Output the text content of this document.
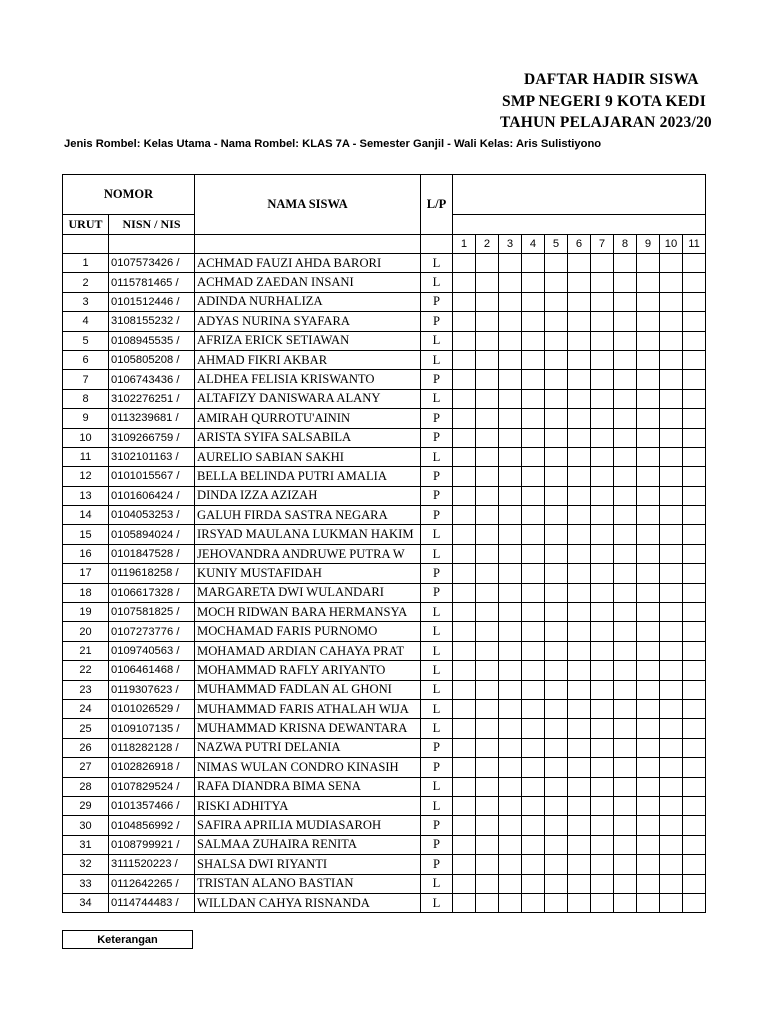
DAFTAR HADIR SISWA
SMP NEGERI 9 KOTA KEDI
TAHUN PELAJARAN 2023/20
Jenis Rombel: Kelas Utama - Nama Rombel: KLAS 7A - Semester Ganjil - Wali Kelas: Aris Sulistiyono
NOMOR		NAMA SISWA	L/P											
URUT	NISN / NIS													
				1	2	3	4	5	6	7	8	9	10	11
1	0107573426 /	ACHMAD FAUZI AHDA BARORI	L											
2	0115781465 /	ACHMAD ZAEDAN INSANI	L											
3	0101512446 /	ADINDA NURHALIZA	P											
4	3108155232 /	ADYAS NURINA SYAFARA	P											
5	0108945535 /	AFRIZA ERICK SETIAWAN	L											
6	0105805208 /	AHMAD FIKRI AKBAR	L											
7	0106743436 /	ALDHEA FELISIA KRISWANTO	P											
8	3102276251 /	ALTAFIZY DANISWARA ALANY	L											
9	0113239681 /	AMIRAH QURROTU'AININ	P											
10	3109266759 /	ARISTA SYIFA SALSABILA	P											
11	3102101163 /	AURELIO SABIAN SAKHI	L											
12	0101015567 /	BELLA BELINDA PUTRI AMALIA	P											
13	0101606424 /	DINDA IZZA AZIZAH	P											
14	0104053253 /	GALUH FIRDA SASTRA NEGARA	P											
15	0105894024 /	IRSYAD MAULANA LUKMAN HAKIM	L											
16	0101847528 /	JEHOVANDRA ANDRUWE PUTRA W	L											
17	0119618258 /	KUNIY MUSTAFIDAH	P											
18	0106617328 /	MARGARETA DWI WULANDARI	P											
19	0107581825 /	MOCH RIDWAN BARA HERMANSYA	L											
20	0107273776 /	MOCHAMAD FARIS PURNOMO	L											
21	0109740563 /	MOHAMAD ARDIAN CAHAYA PRAT	L											
22	0106461468 /	MOHAMMAD RAFLY ARIYANTO	L											
23	0119307623 /	MUHAMMAD FADLAN AL GHONI	L											
24	0101026529 /	MUHAMMAD FARIS ATHALAH WIJA	L											
25	0109107135 /	MUHAMMAD KRISNA DEWANTARA	L											
26	0118282128 /	NAZWA PUTRI DELANIA	P											
27	0102826918 /	NIMAS WULAN CONDRO KINASIH	P											
28	0107829524 /	RAFA DIANDRA BIMA SENA	L											
29	0101357466 /	RISKI ADHITYA	L											
30	0104856992 /	SAFIRA APRILIA MUDIASAROH	P											
31	0108799921 /	SALMAA ZUHAIRA RENITA	P											
32	3111520223 /	SHALSA DWI RIYANTI	P											
33	0112642265 /	TRISTAN ALANO BASTIAN	L											
34	0114744483 /	WILLDAN CAHYA RISNANDA	L											
Keterangan
